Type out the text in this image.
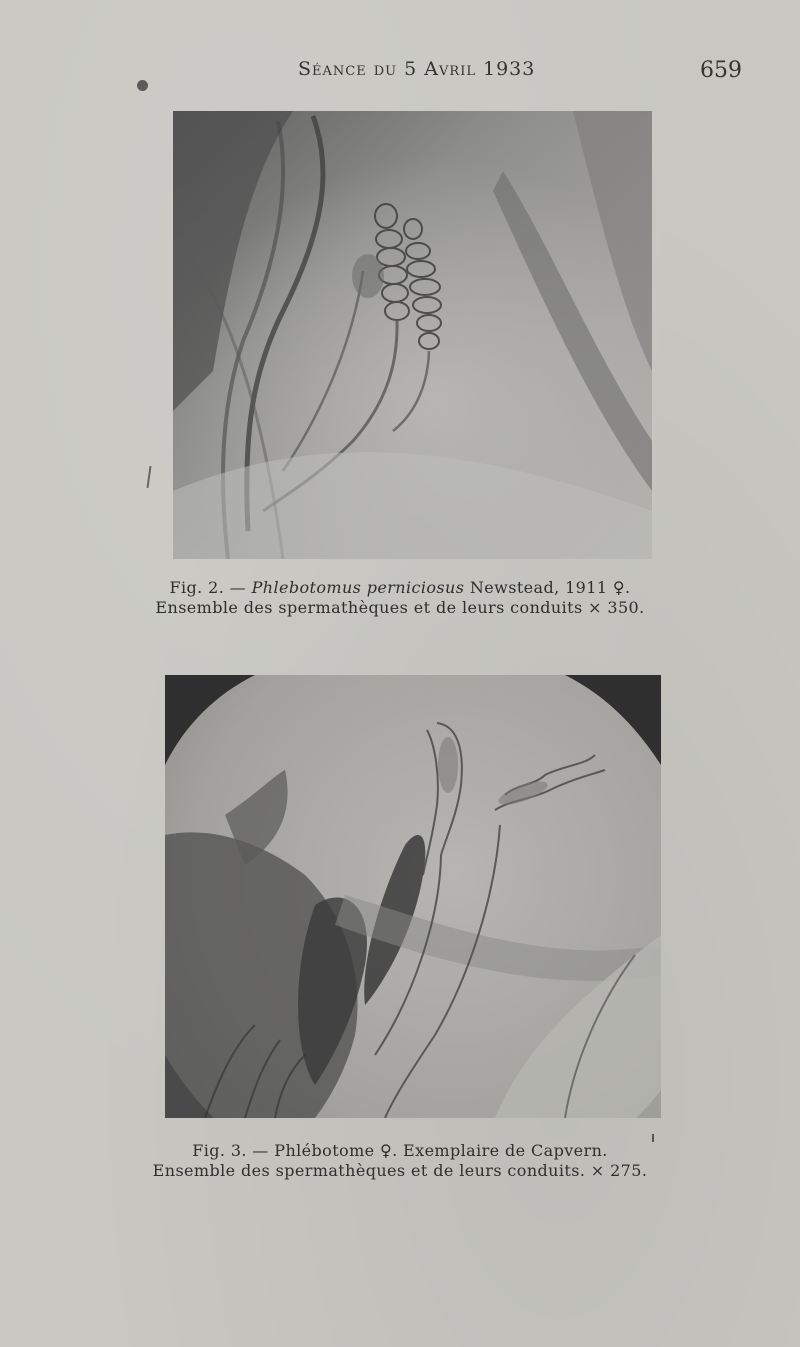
Séance du 5 Avril 1933	659
Fig. 2. — Phlebotomus perniciosus Newstead, 1911 ♀.
Ensemble des spermathèques et de leurs conduits × 350.
Fig. 3. — Phlébotome ♀. Exemplaire de Capvern.
Ensemble des spermathèques et de leurs conduits. × 275.
